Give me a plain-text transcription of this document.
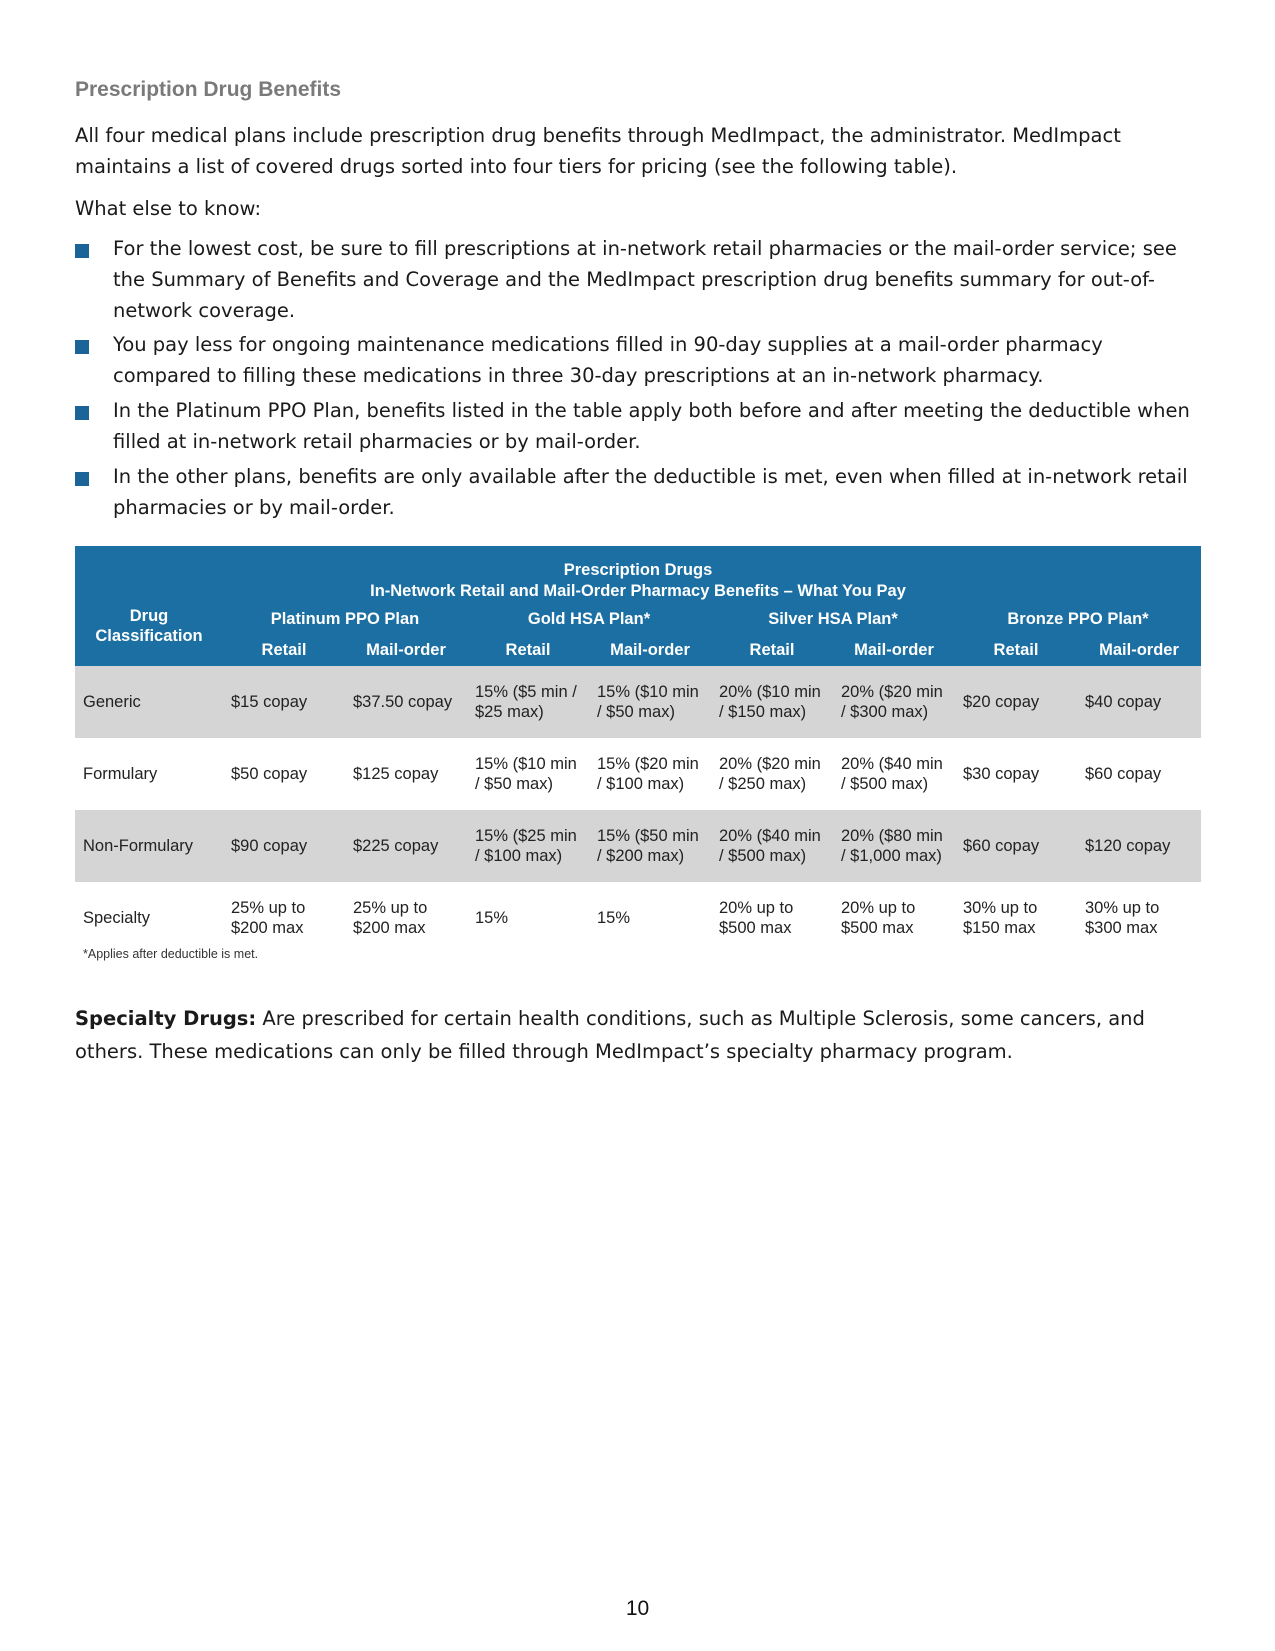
Prescription Drug Benefits

All four medical plans include prescription drug benefits through MedImpact, the administrator. MedImpact maintains a list of covered drugs sorted into four tiers for pricing (see the following table).

What else to know:

For the lowest cost, be sure to fill prescriptions at in-network retail pharmacies or the mail-order service; see the Summary of Benefits and Coverage and the MedImpact prescription drug benefits summary for out-of-network coverage.
You pay less for ongoing maintenance medications filled in 90-day supplies at a mail-order pharmacy compared to filling these medications in three 30-day prescriptions at an in-network pharmacy.
In the Platinum PPO Plan, benefits listed in the table apply both before and after meeting the deductible when filled at in-network retail pharmacies or by mail-order.
In the other plans, benefits are only available after the deductible is met, even when filled at in-network retail pharmacies or by mail-order.
Prescription Drugs
In-Network Retail and Mail-Order Pharmacy Benefits – What You Pay								

Drug
Classification	Platinum PPO Plan		Gold HSA Plan*		Silver HSA Plan*		Bronze PPO Plan*	
	Retail	Mail-order	Retail	Mail-order	Retail	Mail-order	Retail	Mail-order
Generic	$15 copay	$37.50 copay	15% ($5 min / $25 max)	15% ($10 min / $50 max)	20% ($10 min / $150 max)	20% ($20 min / $300 max)	$20 copay	$40 copay
Formulary	$50 copay	$125 copay	15% ($10 min / $50 max)	15% ($20 min / $100 max)	20% ($20 min / $250 max)	20% ($40 min / $500 max)	$30 copay	$60 copay
Non-Formulary	$90 copay	$225 copay	15% ($25 min / $100 max)	15% ($50 min / $200 max)	20% ($40 min / $500 max)	20% ($80 min / $1,000 max)	$60 copay	$120 copay
Specialty	25% up to $200 max	25% up to $200 max	15%	15%	20% up to $500 max	20% up to $500 max	30% up to $150 max	30% up to $300 max
*Applies after deductible is met.

Specialty Drugs: Are prescribed for certain health conditions, such as Multiple Sclerosis, some cancers, and others. These medications can only be filled through MedImpact’s specialty pharmacy program.

10
